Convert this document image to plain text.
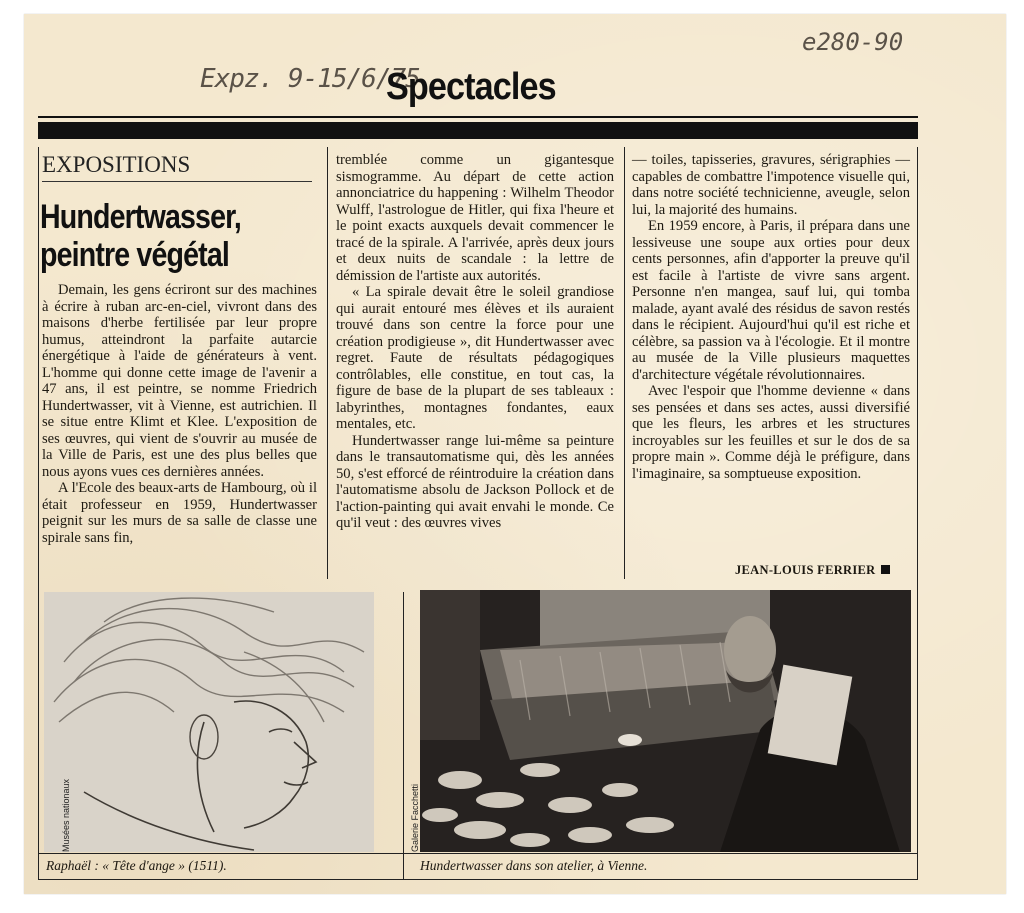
Expz. 9-15/6/75
e280-90
Spectacles
EXPOSITIONS
Hundertwasser,
peintre végétal

Demain, les gens écriront sur des machines à écrire à ruban arc-en-ciel, vivront dans des maisons d'herbe fertilisée par leur propre humus, atteindront la parfaite autarcie énergétique à l'aide de générateurs à vent. L'homme qui donne cette image de l'avenir a 47 ans, il est peintre, se nomme Friedrich Hundertwasser, vit à Vienne, est autrichien. Il se situe entre Klimt et Klee. L'exposition de ses œuvres, qui vient de s'ouvrir au musée de la Ville de Paris, est une des plus belles que nous ayons vues ces dernières années.

A l'Ecole des beaux-arts de Hambourg, où il était professeur en 1959, Hundertwasser peignit sur les murs de sa salle de classe une spirale sans fin,

tremblée comme un gigantesque sismogramme. Au départ de cette action annonciatrice du happening : Wilhelm Theodor Wulff, l'astrologue de Hitler, qui fixa l'heure et le point exacts auxquels devait commencer le tracé de la spirale. A l'arrivée, après deux jours et deux nuits de scandale : la lettre de démission de l'artiste aux autorités.

« La spirale devait être le soleil grandiose qui aurait entouré mes élèves et ils auraient trouvé dans son centre la force pour une création prodigieuse », dit Hundertwasser avec regret. Faute de résultats pédagogiques contrôlables, elle constitue, en tout cas, la figure de base de la plupart de ses tableaux : labyrinthes, montagnes fondantes, eaux mentales, etc.

Hundertwasser range lui-même sa peinture dans le transautomatisme qui, dès les années 50, s'est efforcé de réintroduire la création dans l'automatisme absolu de Jackson Pollock et de l'action-painting qui avait envahi le monde. Ce qu'il veut : des œuvres vives

— toiles, tapisseries, gravures, sérigraphies — capables de combattre l'impotence visuelle qui, dans notre société technicienne, aveugle, selon lui, la majorité des humains.

En 1959 encore, à Paris, il prépara dans une lessiveuse une soupe aux orties pour deux cents personnes, afin d'apporter la preuve qu'il est facile à l'artiste de vivre sans argent. Personne n'en mangea, sauf lui, qui tomba malade, ayant avalé des résidus de savon restés dans le récipient. Aujourd'hui qu'il est riche et célèbre, sa passion va à l'écologie. Et il montre au musée de la Ville plusieurs maquettes d'architecture végétale révolutionnaires.

Avec l'espoir que l'homme devienne « dans ses pensées et dans ses actes, aussi diversifié que les fleurs, les arbres et les structures incroyables sur les feuilles et sur le dos de sa propre main ». Comme déjà le préfigure, dans l'imaginaire, sa somptueuse exposition.

JEAN-LOUIS FERRIER
Musées nationaux	Galerie Facchetti
Raphaël : « Tête d'ange » (1511).	Hundertwasser dans son atelier, à Vienne.
